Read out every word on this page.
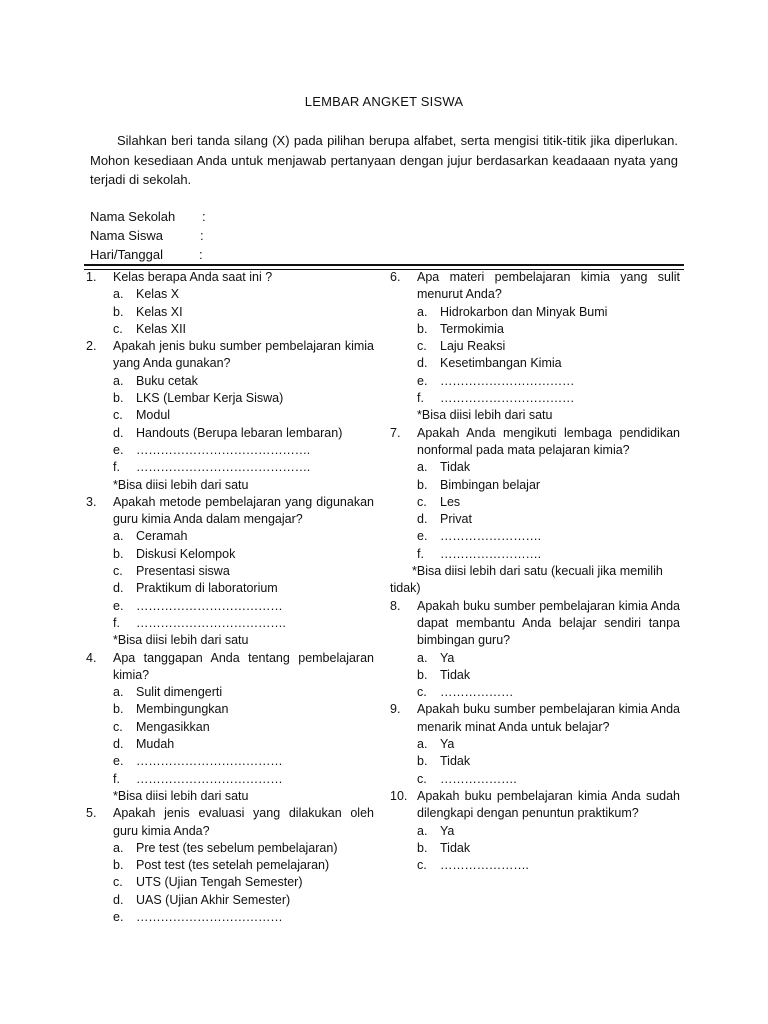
LEMBAR ANGKET SISWA
Silahkan beri tanda silang (X) pada pilihan berupa alfabet, serta mengisi titik-titik jika diperlukan. Mohon kesediaan Anda untuk menjawab pertanyaan dengan jujur berdasarkan keadaaan nyata yang terjadi di sekolah.
Nama Sekolah :
Nama Siswa	:
Hari/Tanggal	:
1. Kelas berapa Anda saat ini ?
a. Kelas X
b. Kelas XI
c. Kelas XII
2. Apakah jenis buku sumber pembelajaran kimia yang Anda gunakan?
a. Buku cetak
b. LKS (Lembar Kerja Siswa)
c. Modul
d. Handouts (Berupa lebaran lembaran)
e. …………………………………….
f. …………………………………….
*Bisa diisi lebih dari satu
3. Apakah metode pembelajaran yang digunakan guru kimia Anda dalam mengajar?
a. Ceramah
b. Diskusi Kelompok
c. Presentasi siswa
d. Praktikum di laboratorium
e. ………………………………
f. ……………………………….
*Bisa diisi lebih dari satu
4. Apa tanggapan Anda tentang pembelajaran kimia?
a. Sulit dimengerti
b. Membingungkan
c. Mengasikkan
d. Mudah
e. ………………………………
f. ………………………………
*Bisa diisi lebih dari satu
5. Apakah jenis evaluasi yang dilakukan oleh guru kimia Anda?
a. Pre test (tes sebelum pembelajaran)
b. Post test (tes setelah pemelajaran)
c. UTS (Ujian Tengah Semester)
d. UAS (Ujian Akhir Semester)
e. ………………………………
6. Apa materi pembelajaran kimia yang sulit menurut Anda?
a. Hidrokarbon dan Minyak Bumi
b. Termokimia
c. Laju Reaksi
d. Kesetimbangan Kimia
e. ……………………………
f. ……………………………
*Bisa diisi lebih dari satu
7. Apakah Anda mengikuti lembaga pendidikan nonformal pada mata pelajaran kimia?
a. Tidak
b. Bimbingan belajar
c. Les
d. Privat
e. …………………….
f. …………………….
*Bisa diisi lebih dari satu (kecuali jika memilih tidak)
8. Apakah buku sumber pembelajaran kimia Anda dapat membantu Anda belajar sendiri tanpa bimbingan guru?
a. Ya
b. Tidak
c. ………………
9. Apakah buku sumber pembelajaran kimia Anda menarik minat Anda untuk belajar?
a. Ya
b. Tidak
c. ……………….
10. Apakah buku pembelajaran kimia Anda sudah dilengkapi dengan penuntun praktikum?
a. Ya
b. Tidak
c. ………………….
